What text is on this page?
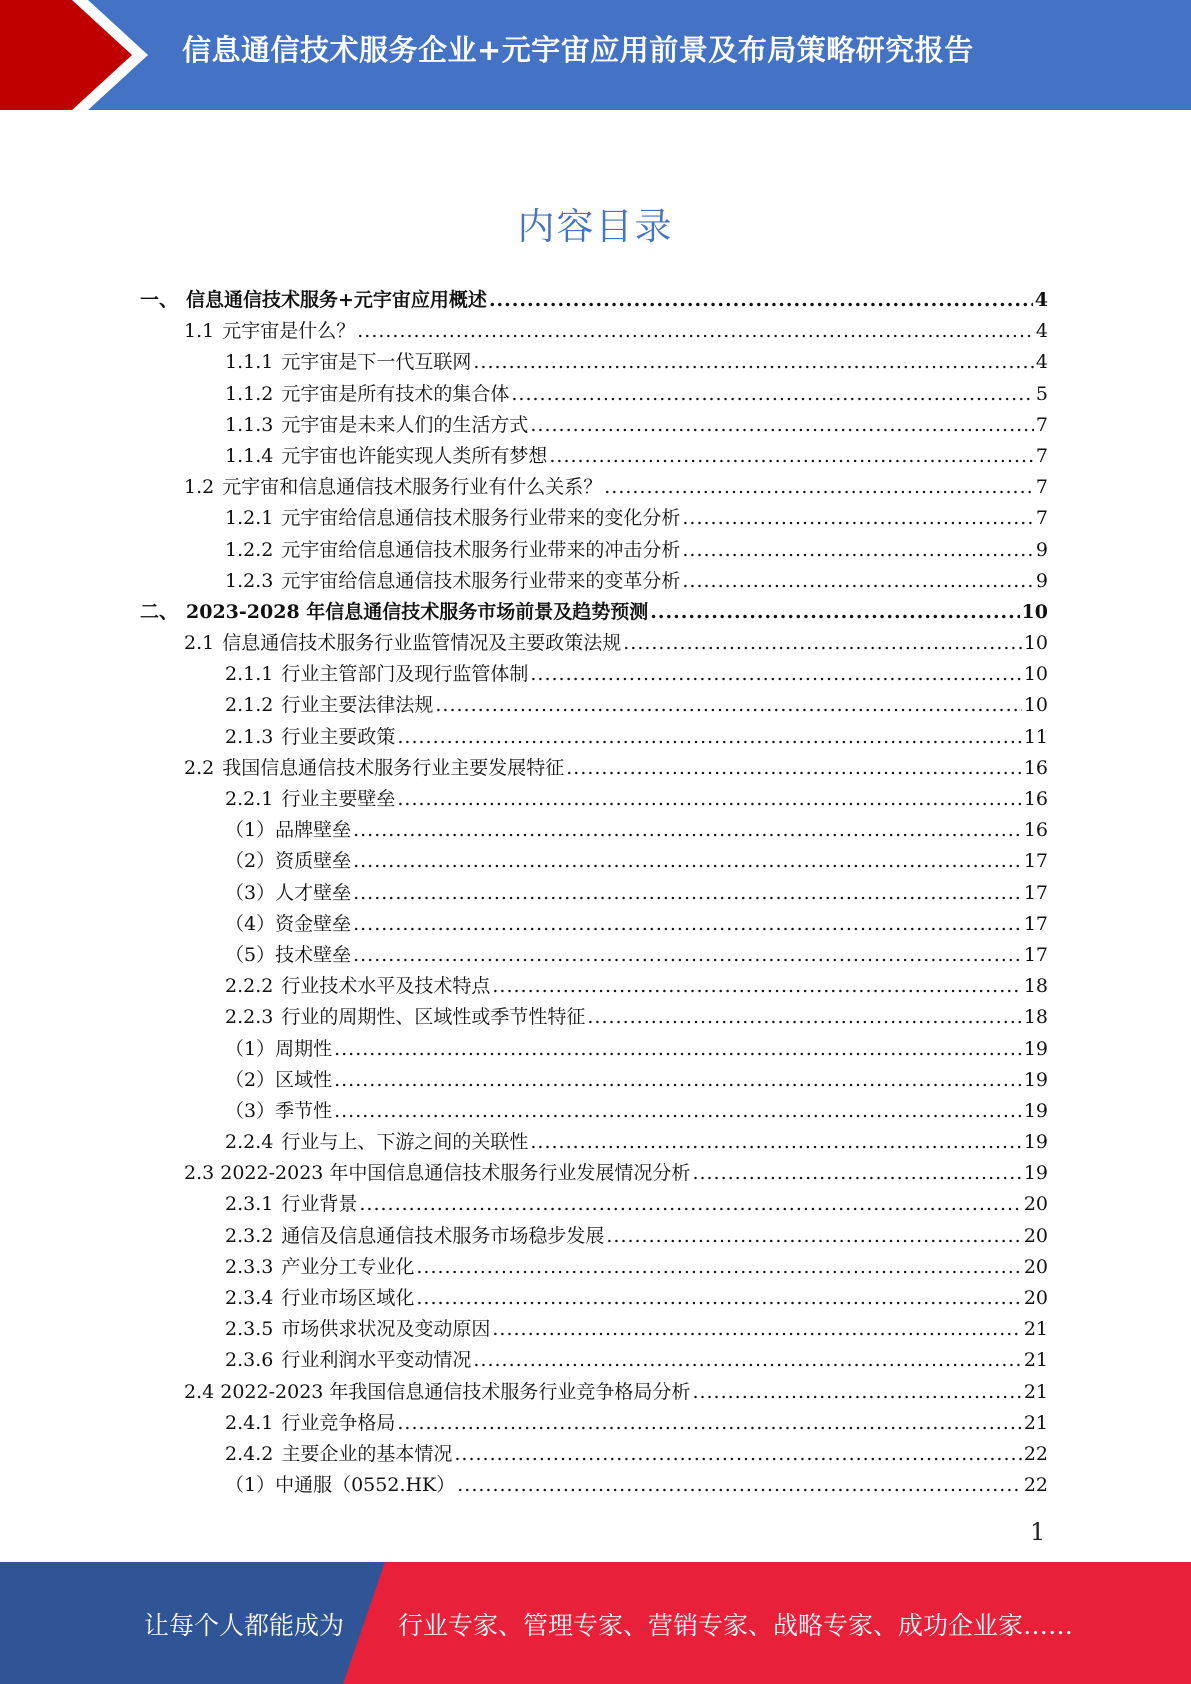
信息通信技术服务企业+元宇宙应用前景及布局策略研究报告
内容目录
一、 信息通信技术服务+元宇宙应用概述 .....	4
1.1 元宇宙是什么？ .....	4
1.1.1 元宇宙是下一代互联网 .....	4
1.1.2 元宇宙是所有技术的集合体 .....	5
1.1.3 元宇宙是未来人们的生活方式 .....	7
1.1.4 元宇宙也许能实现人类所有梦想 .....	7
1.2 元宇宙和信息通信技术服务行业有什么关系？ .....	7
1.2.1 元宇宙给信息通信技术服务行业带来的变化分析 .....	7
1.2.2 元宇宙给信息通信技术服务行业带来的冲击分析 .....	9
1.2.3 元宇宙给信息通信技术服务行业带来的变革分析 .....	9
二、 2023-2028 年信息通信技术服务市场前景及趋势预测 .....	10
2.1 信息通信技术服务行业监管情况及主要政策法规 .....	10
2.1.1 行业主管部门及现行监管体制 .....	10
2.1.2 行业主要法律法规 .....	10
2.1.3 行业主要政策 .....	11
2.2 我国信息通信技术服务行业主要发展特征 .....	16
2.2.1 行业主要壁垒 .....	16
（1）品牌壁垒 .....	16
（2）资质壁垒 .....	17
（3）人才壁垒 .....	17
（4）资金壁垒 .....	17
（5）技术壁垒 .....	17
2.2.2 行业技术水平及技术特点 .....	18
2.2.3 行业的周期性、区域性或季节性特征 .....	18
（1）周期性 .....	19
（2）区域性 .....	19
（3）季节性 .....	19
2.2.4 行业与上、下游之间的关联性 .....	19
2.3 2022-2023 年中国信息通信技术服务行业发展情况分析 .....	19
2.3.1 行业背景 .....	20
2.3.2 通信及信息通信技术服务市场稳步发展 .....	20
2.3.3 产业分工专业化 .....	20
2.3.4 行业市场区域化 .....	20
2.3.5 市场供求状况及变动原因 .....	21
2.3.6 行业利润水平变动情况 .....	21
2.4 2022-2023 年我国信息通信技术服务行业竞争格局分析 .....	21
2.4.1 行业竞争格局 .....	21
2.4.2 主要企业的基本情况 .....	22
（1）中通服（0552.HK） .....	22
1
让每个人都能成为 行业专家、管理专家、营销专家、战略专家、成功企业家……
